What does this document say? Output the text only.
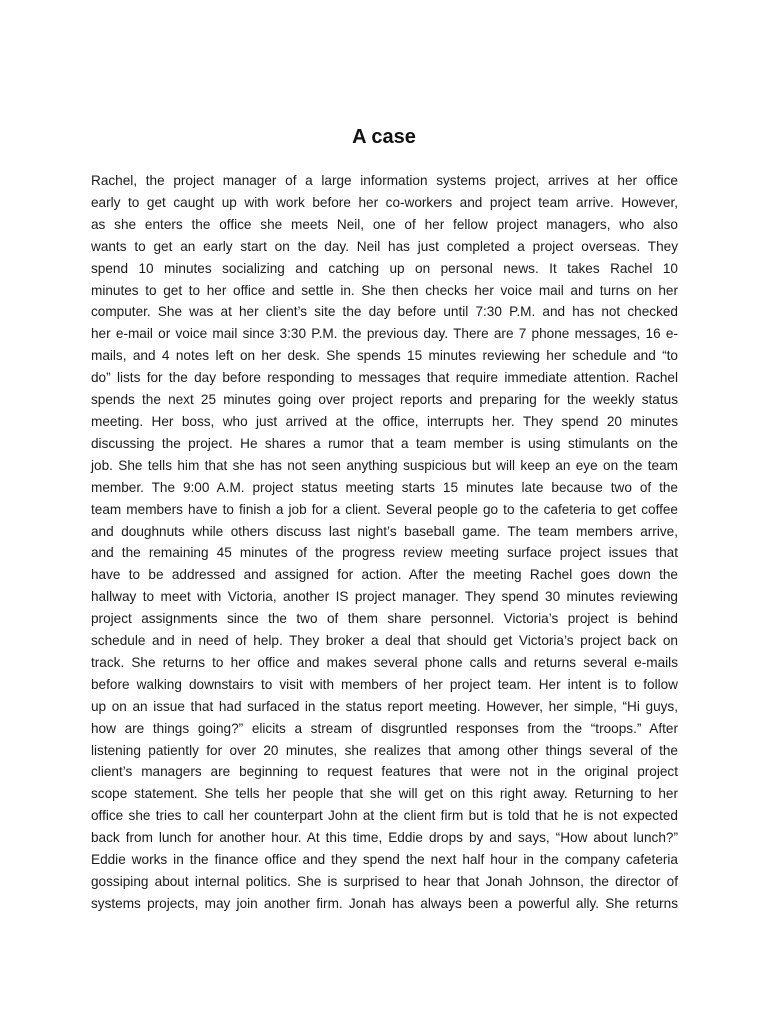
A case
Rachel, the project manager of a large information systems project, arrives at her office
early to get caught up with work before her co-workers and project team arrive. However,
as she enters the office she meets Neil, one of her fellow project managers, who also
wants to get an early start on the day. Neil has just completed a project overseas. They
spend 10 minutes socializing and catching up on personal news. It takes Rachel 10
minutes to get to her office and settle in. She then checks her voice mail and turns on her
computer. She was at her client’s site the day before until 7:30 P.M. and has not checked
her e-mail or voice mail since 3:30 P.M. the previous day. There are 7 phone messages, 16 e-
mails, and 4 notes left on her desk. She spends 15 minutes reviewing her schedule and “to
do” lists for the day before responding to messages that require immediate attention. Rachel
spends the next 25 minutes going over project reports and preparing for the weekly status
meeting. Her boss, who just arrived at the office, interrupts her. They spend 20 minutes
discussing the project. He shares a rumor that a team member is using stimulants on the
job. She tells him that she has not seen anything suspicious but will keep an eye on the team
member. The 9:00 A.M. project status meeting starts 15 minutes late because two of the
team members have to finish a job for a client. Several people go to the cafeteria to get coffee
and doughnuts while others discuss last night’s baseball game. The team members arrive,
and the remaining 45 minutes of the progress review meeting surface project issues that
have to be addressed and assigned for action. After the meeting Rachel goes down the
hallway to meet with Victoria, another IS project manager. They spend 30 minutes reviewing
project assignments since the two of them share personnel. Victoria’s project is behind
schedule and in need of help. They broker a deal that should get Victoria’s project back on
track. She returns to her office and makes several phone calls and returns several e-mails
before walking downstairs to visit with members of her project team. Her intent is to follow
up on an issue that had surfaced in the status report meeting. However, her simple, “Hi guys,
how are things going?” elicits a stream of disgruntled responses from the “troops.” After
listening patiently for over 20 minutes, she realizes that among other things several of the
client’s managers are beginning to request features that were not in the original project
scope statement. She tells her people that she will get on this right away. Returning to her
office she tries to call her counterpart John at the client firm but is told that he is not expected
back from lunch for another hour. At this time, Eddie drops by and says, “How about lunch?”
Eddie works in the finance office and they spend the next half hour in the company cafeteria
gossiping about internal politics. She is surprised to hear that Jonah Johnson, the director of
systems projects, may join another firm. Jonah has always been a powerful ally. She returns
